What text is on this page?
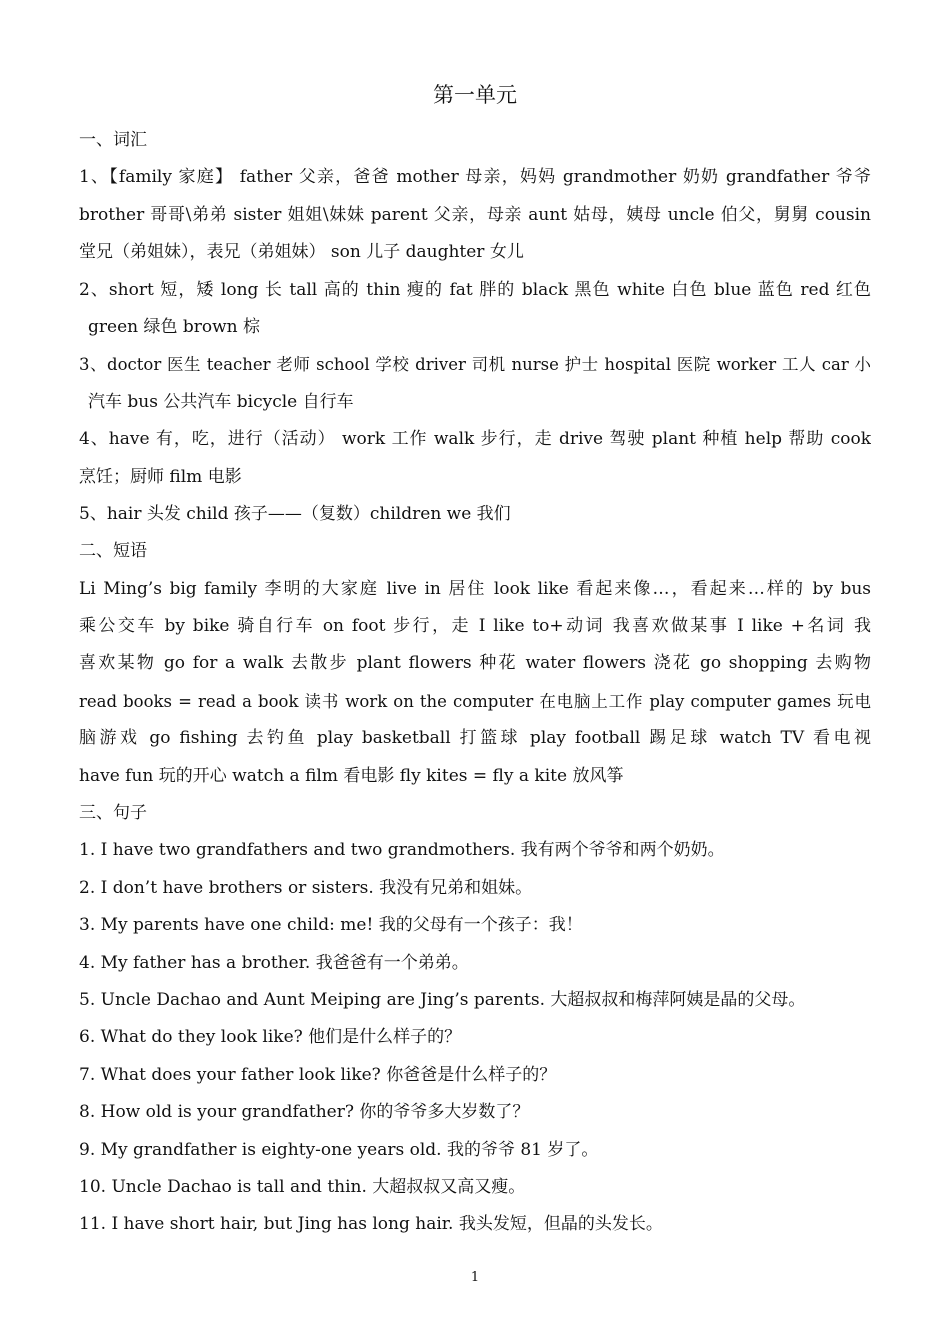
第一单元

一、词汇

1、【family 家庭】 father 父亲，爸爸 mother 母亲，妈妈 grandmother 奶奶 grandfather 爷爷

brother 哥哥\弟弟 sister 姐姐\妹妹 parent 父亲，母亲 aunt 姑母，姨母 uncle 伯父，舅舅 cousin

堂兄（弟姐妹），表兄（弟姐妹） son 儿子 daughter 女儿

2、short 短，矮 long 长 tall 高的 thin 瘦的 fat 胖的 black 黑色 white 白色 blue 蓝色 red 红色

green 绿色 brown 棕

3、doctor 医生 teacher 老师 school 学校 driver 司机 nurse 护士 hospital 医院 worker 工人 car 小

汽车 bus 公共汽车 bicycle 自行车

4、have 有，吃，进行（活动） work 工作 walk 步行，走 drive 驾驶 plant 种植 help 帮助 cook

烹饪；厨师 film 电影

5、hair 头发 child 孩子——（复数）children we 我们

二、短语

Li Ming’s big family 李明的大家庭 live in 居住 look like 看起来像…，看起来…样的 by bus

乘公交车 by bike 骑自行车 on foot 步行，走 I like to+动词 我喜欢做某事 I like +名词 我

喜欢某物 go for a walk 去散步 plant flowers 种花 water flowers 浇花 go shopping 去购物

read books = read a book 读书 work on the computer 在电脑上工作 play computer games 玩电

脑游戏 go fishing 去钓鱼 play basketball 打篮球 play football 踢足球 watch TV 看电视

have fun 玩的开心 watch a film 看电影 fly kites = fly a kite 放风筝

三、句子

1. I have two grandfathers and two grandmothers. 我有两个爷爷和两个奶奶。

2. I don’t have brothers or sisters. 我没有兄弟和姐妹。

3. My parents have one child: me! 我的父母有一个孩子：我！

4. My father has a brother. 我爸爸有一个弟弟。

5. Uncle Dachao and Aunt Meiping are Jing’s parents. 大超叔叔和梅萍阿姨是晶的父母。

6. What do they look like? 他们是什么样子的？

7. What does your father look like? 你爸爸是什么样子的？

8. How old is your grandfather? 你的爷爷多大岁数了？

9. My grandfather is eighty-one years old. 我的爷爷 81 岁了。

10. Uncle Dachao is tall and thin. 大超叔叔又高又瘦。

11. I have short hair, but Jing has long hair. 我头发短，但晶的头发长。

1
